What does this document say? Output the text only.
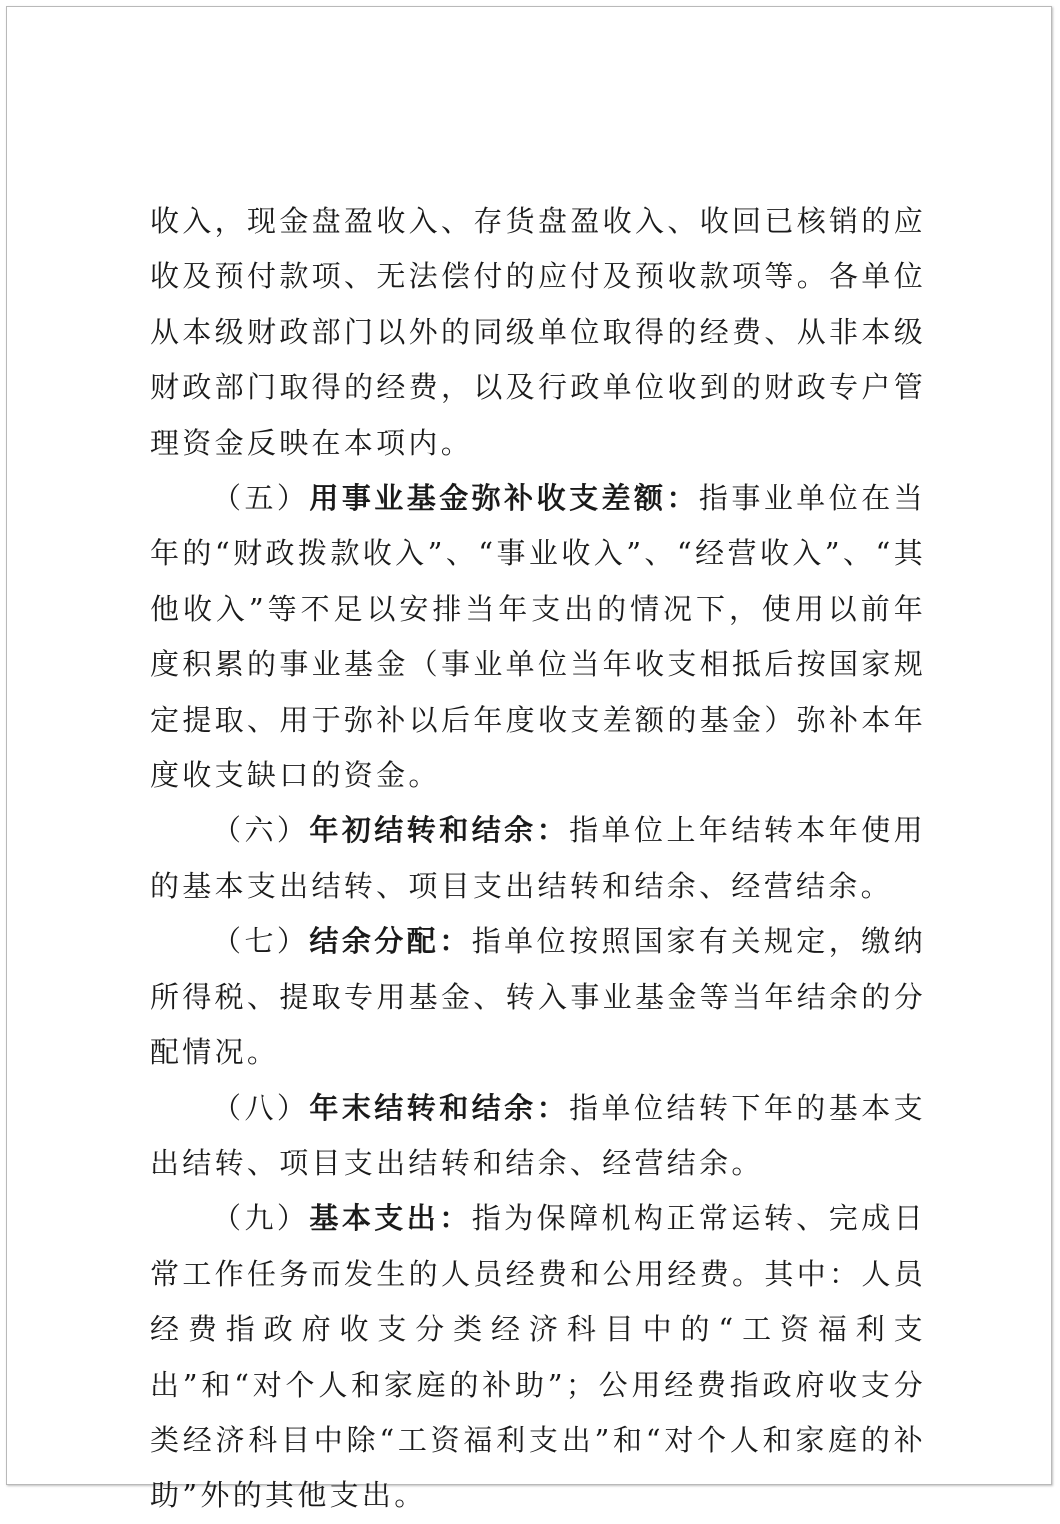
收入，现金盘盈收入、存货盘盈收入、收回已核销的应收及预付款项、无法偿付的应付及预收款项等。各单位从本级财政部门以外的同级单位取得的经费、从非本级财政部门取得的经费，以及行政单位收到的财政专户管理资金反映在本项内。

（五）用事业基金弥补收支差额：指事业单位在当年的“财政拨款收入”、“事业收入”、“经营收入”、“其他收入”等不足以安排当年支出的情况下，使用以前年度积累的事业基金（事业单位当年收支相抵后按国家规定提取、用于弥补以后年度收支差额的基金）弥补本年度收支缺口的资金。

（六）年初结转和结余：指单位上年结转本年使用的基本支出结转、项目支出结转和结余、经营结余。

（七）结余分配：指单位按照国家有关规定，缴纳所得税、提取专用基金、转入事业基金等当年结余的分配情况。

（八）年末结转和结余：指单位结转下年的基本支出结转、项目支出结转和结余、经营结余。

（九）基本支出：指为保障机构正常运转、完成日常工作任务而发生的人员经费和公用经费。其中：人员经费指政府收支分类经济科目中的“工资福利支出”和“对个人和家庭的补助”；公用经费指政府收支分类经济科目中除“工资福利支出”和“对个人和家庭的补助”外的其他支出。
